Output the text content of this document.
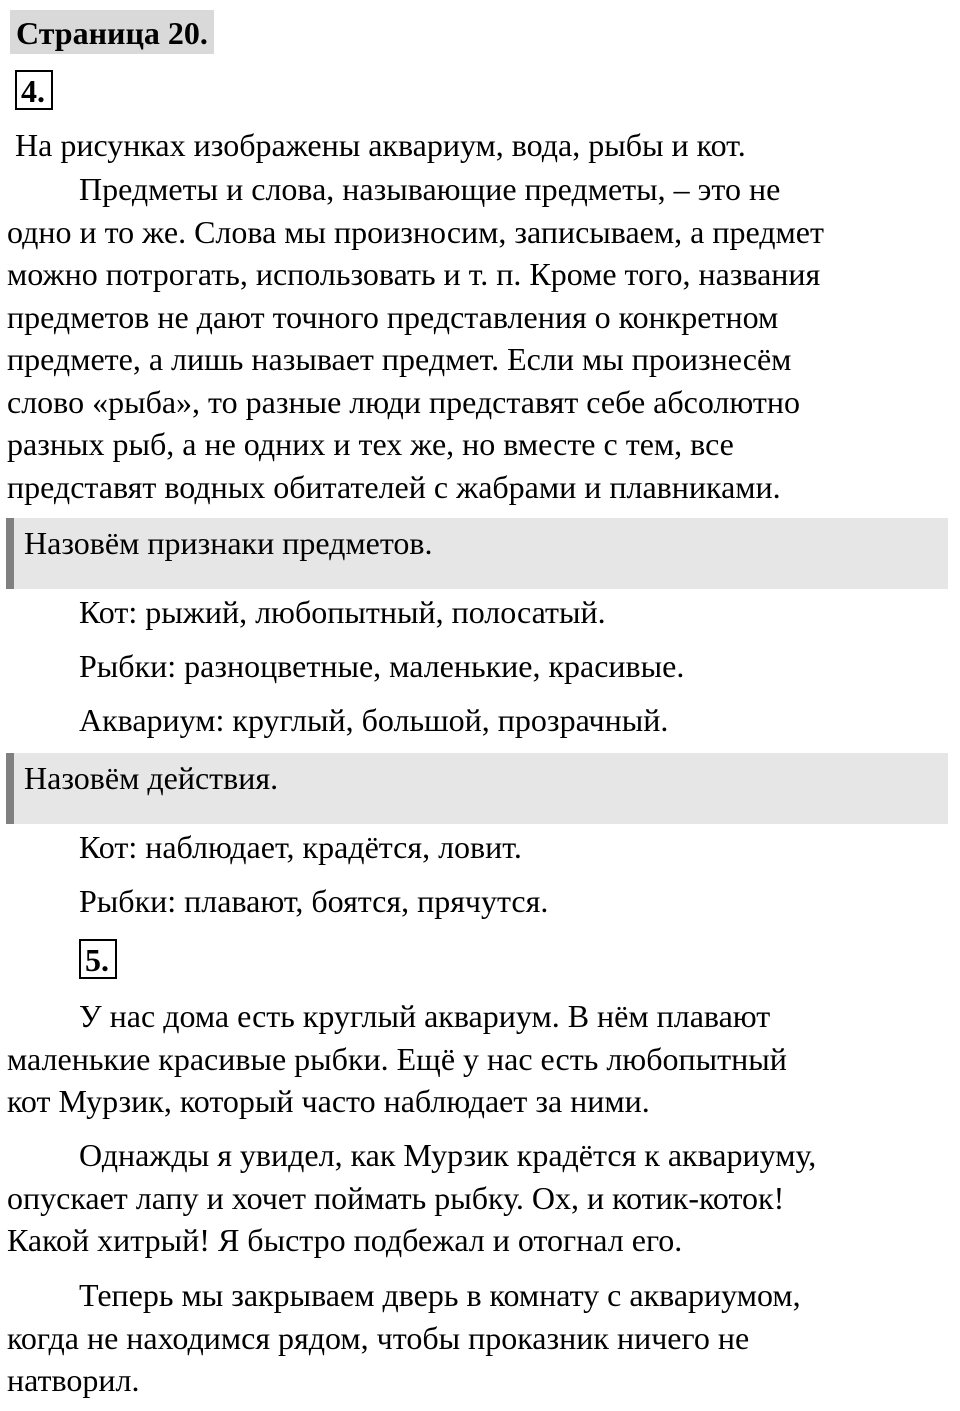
Страница 20.
4.
На рисунках изображены аквариум, вода, рыбы и кот.
Предметы и слова, называющие предметы, – это не
одно и то же. Слова мы произносим, записываем, а предмет
можно потрогать, использовать и т. п. Кроме того, названия
предметов не дают точного представления о конкретном
предмете, а лишь называет предмет. Если мы произнесём
слово «рыба», то разные люди представят себе абсолютно
разных рыб, а не одних и тех же, но вместе с тем, все
представят водных обитателей с жабрами и плавниками.
Назовём признаки предметов.
Кот: рыжий, любопытный, полосатый.
Рыбки: разноцветные, маленькие, красивые.
Аквариум: круглый, большой, прозрачный.
Назовём действия.
Кот: наблюдает, крадётся, ловит.
Рыбки: плавают, боятся, прячутся.
5.
У нас дома есть круглый аквариум. В нём плавают
маленькие красивые рыбки. Ещё у нас есть любопытный
кот Мурзик, который часто наблюдает за ними.
Однажды я увидел, как Мурзик крадётся к аквариуму,
опускает лапу и хочет поймать рыбку. Ох, и котик-коток!
Какой хитрый! Я быстро подбежал и отогнал его.
Теперь мы закрываем дверь в комнату с аквариумом,
когда не находимся рядом, чтобы проказник ничего не
натворил.
